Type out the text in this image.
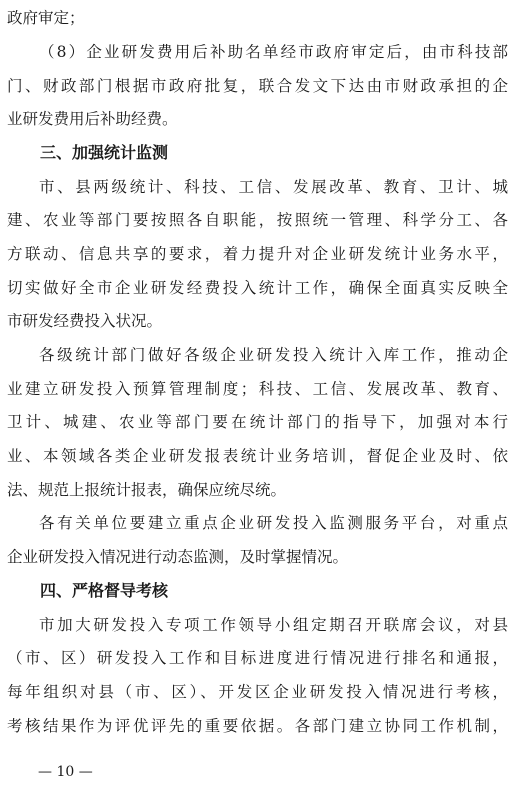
政府审定；

（8）企业研发费用后补助名单经市政府审定后，由市科技部

门、财政部门根据市政府批复，联合发文下达由市财政承担的企

业研发费用后补助经费。

三、加强统计监测

市、县两级统计、科技、工信、发展改革、教育、卫计、城

建、农业等部门要按照各自职能，按照统一管理、科学分工、各

方联动、信息共享的要求，着力提升对企业研发统计业务水平，

切实做好全市企业研发经费投入统计工作，确保全面真实反映全

市研发经费投入状况。

各级统计部门做好各级企业研发投入统计入库工作，推动企

业建立研发投入预算管理制度；科技、工信、发展改革、教育、

卫计、城建、农业等部门要在统计部门的指导下，加强对本行

业、本领域各类企业研发报表统计业务培训，督促企业及时、依

法、规范上报统计报表，确保应统尽统。

各有关单位要建立重点企业研发投入监测服务平台，对重点

企业研发投入情况进行动态监测，及时掌握情况。

四、严格督导考核

市加大研发投入专项工作领导小组定期召开联席会议，对县

（市、区）研发投入工作和目标进度进行情况进行排名和通报，

每年组织对县（市、区）、开发区企业研发投入情况进行考核，

考核结果作为评优评先的重要依据。各部门建立协同工作机制，

— 10 —
